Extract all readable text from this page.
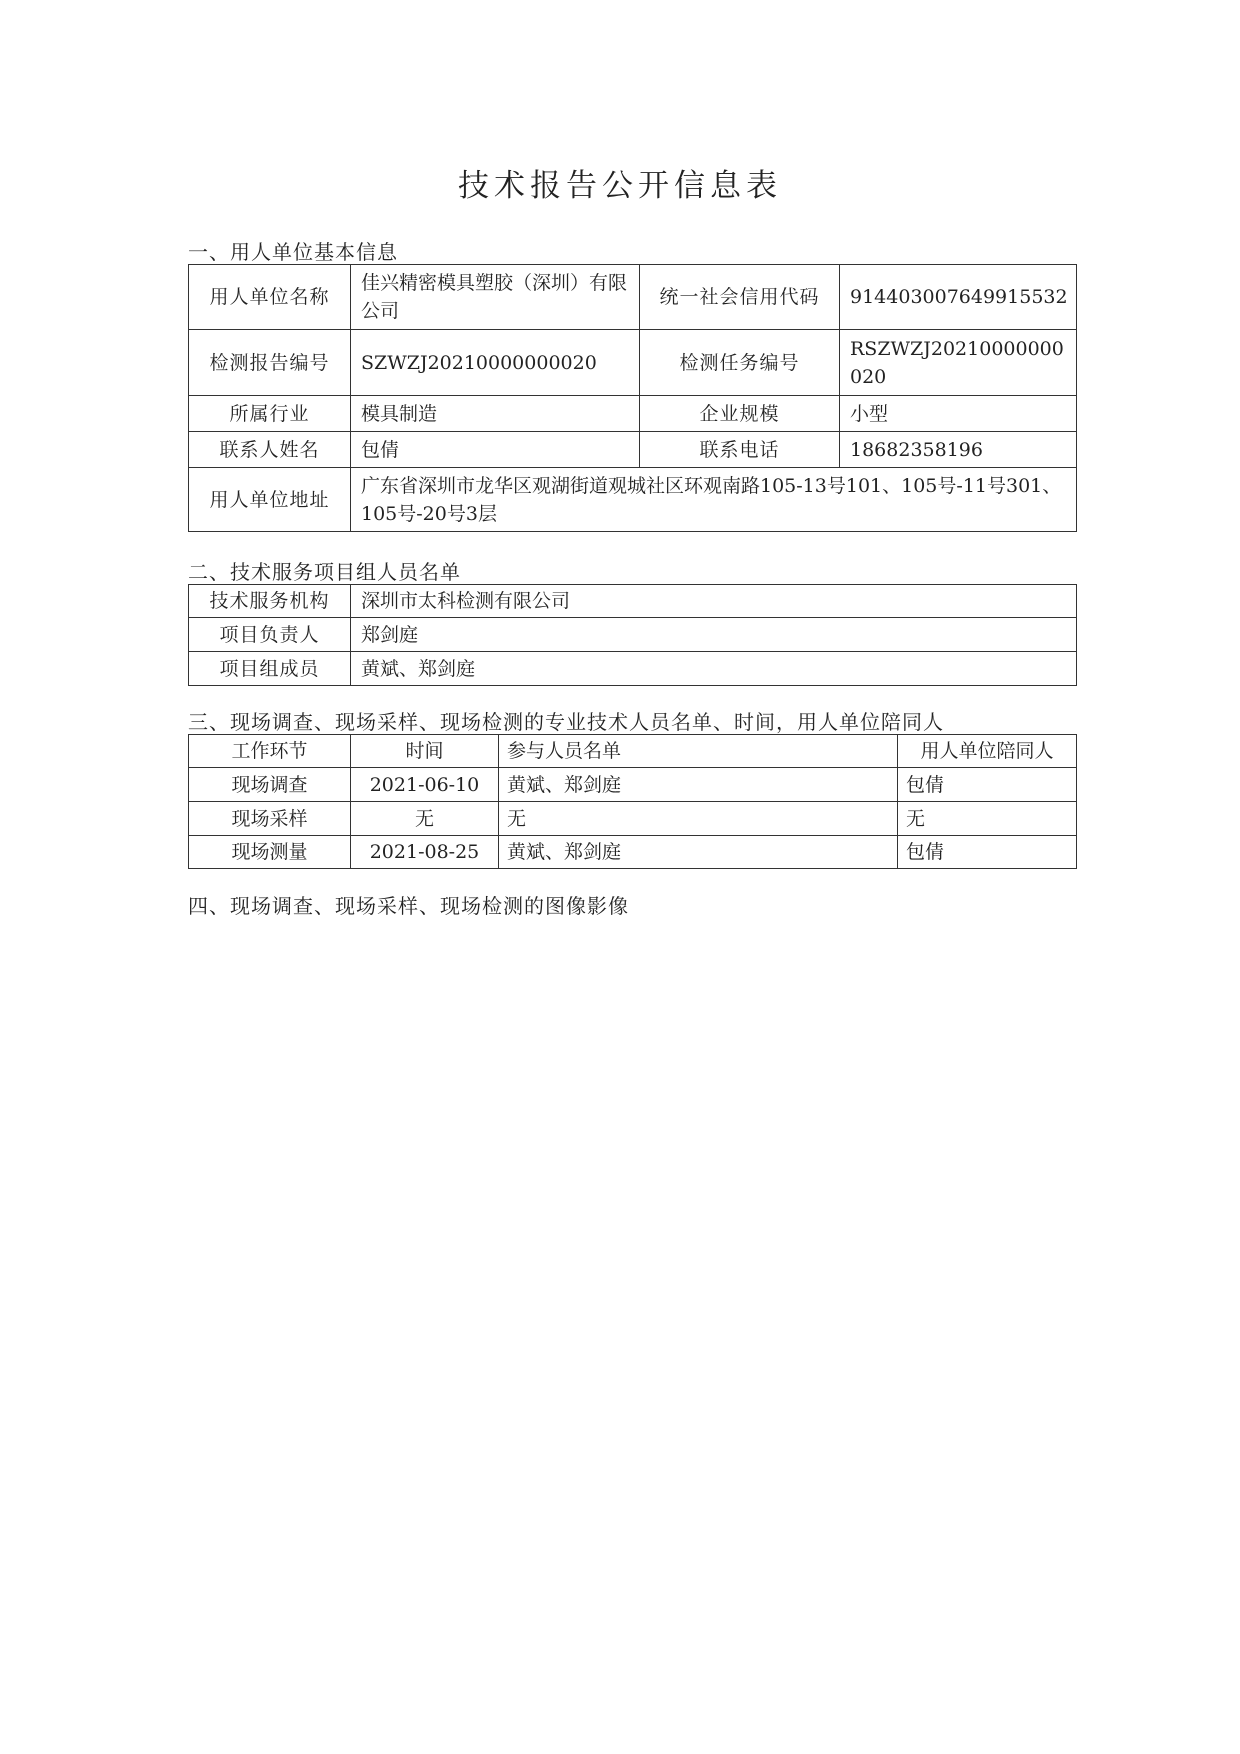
技术报告公开信息表

一、用人单位基本信息

用人单位名称	佳兴精密模具塑胶（深圳）有限公司	统一社会信用代码	914403007649915532
检测报告编号	SZWZJ20210000000020	检测任务编号	RSZWZJ20210000000020
所属行业	模具制造	企业规模	小型
联系人姓名	包倩	联系电话	18682358196
用人单位地址	广东省深圳市龙华区观湖街道观城社区环观南路105-13号101、105号-11号301、105号-20号3层		

二、技术服务项目组人员名单

技术服务机构	深圳市太科检测有限公司
项目负责人	郑剑庭
项目组成员	黄斌、郑剑庭

三、现场调查、现场采样、现场检测的专业技术人员名单、时间，用人单位陪同人

工作环节	时间	参与人员名单	用人单位陪同人
现场调查	2021-06-10	黄斌、郑剑庭	包倩
现场采样	无	无	无
现场测量	2021-08-25	黄斌、郑剑庭	包倩

四、现场调查、现场采样、现场检测的图像影像
